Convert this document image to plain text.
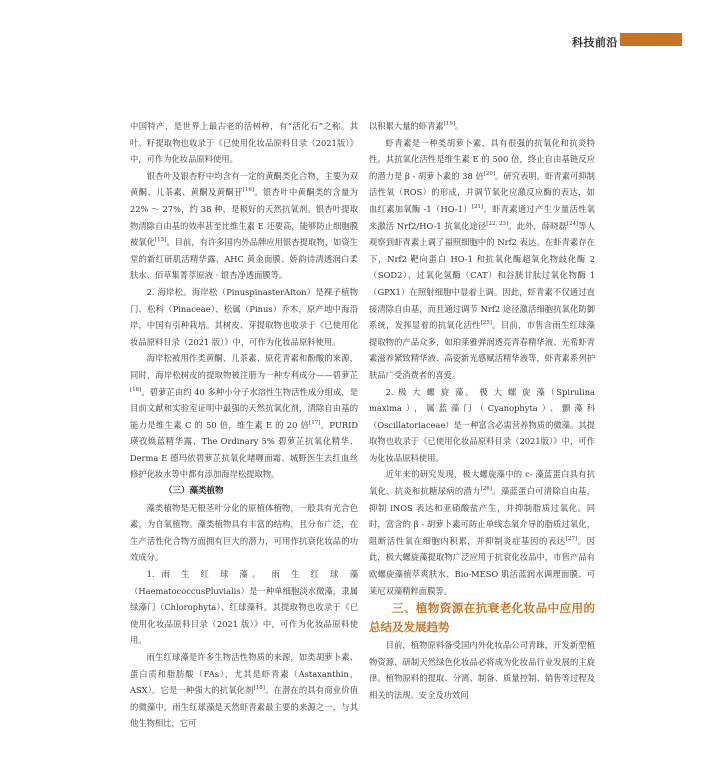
科技前沿

中国特产，是世界上最古老的活树种，有“活化石”之称。其叶、籽提取物也收录于《已使用化妆品原料目录（2021版）》中，可作为化妆品原料使用。

银杏叶及银杏籽中均含有一定的黄酮类化合物，主要为双黄酮、儿茶素、黄酮及黄酮苷[16]。银杏叶中黄酮类的含量为 22% ～ 27%，约 38 种，是极好的天然抗氧剂。银杏叶提取物清除自由基的效率甚至比维生素 E 还要高，能够防止细胞膜被氧化[15]。目前，有许多国内外品牌应用银杏提取物，如资生堂的新红研肌活精华露、AHC 黄金面膜、娇韵诗清透润白柔肤水、佰草集菁萃原液 · 银杏净透面膜等。

2. 海岸松。海岸松（PinuspinasterAiton）是裸子植物门、松科（Pinaceae）、松属（Pinus）乔木，原产地中海沿岸，中国有引种栽培。其树皮、芽提取物也收录于《已使用化妆品原料目录（2021 版）》中，可作为化妆品原料使用。

海岸松被用作类黄酮、儿茶素、原花青素和酚酸的来源，同时，海岸松树皮的提取物被注册为一种专利成分——碧萝芷[16]。碧萝芷由约 40 多种小分子水溶性生物活性成分组成，是目前文献和实验室证明中最强的天然抗氧化剂，清除自由基的能力是维生素 C 的 50 倍，维生素 E 的 20 倍[17]。PURID 瑛孜焕蓝精华露、The Ordinary 5% 碧萝芷抗氧化精华、Derma E 德玛依碧萝芷抗氧化啫喱面霜、城野医生去红血丝修护化妆水等中都有添加海岸松提取物。

（三）藻类植物

藻类植物是无根茎叶分化的原植体植物，一般具有光合色素，为自氧植物。藻类植物具有丰富的结构，且分布广泛，在生产活性化合物方面拥有巨大的潜力，可用作抗衰化妆品的功效成分。

1. 雨 生 红 球 藻。 雨 生 红 球 藻（HaematococcusPluvialis）是一种单细胞淡水微藻，隶属绿藻门（Chlorophyta）、红球藻科。其提取物也收录于《已使用化妆品原料目录（2021 版）》中，可作为化妆品原料使用。

雨生红球藻是许多生物活性物质的来源，如类胡萝卜素、蛋白质和脂肪酸（FAs），尤其是虾青素（Astaxanthin，ASX）。它是一种强大的抗氧化剂[18]。在潜在的具有商业价值的微藻中，雨生红球藻是天然虾青素最主要的来源之一，与其他生物相比，它可

以积累大量的虾青素[19]。

虾青素是一种类胡萝卜素，具有很强的抗氧化和抗炎特性。其抗氧化活性是维生素 E 的 500 倍，终止自由基链反应的潜力是 β - 胡萝卜素的 38 倍[20]。研究表明，虾青素可抑制活性氧（ROS）的形成，并调节氧化应激反应酶的表达，如血红素加氧酶 -1（HO-1）[21]。虾青素通过产生少量活性氧来激活 Nrf2/HO-1 抗氧化途径[22, 23]。此外，薛晓磊[24]等人观察到虾青素上调了福照细胞中的 Nrf2 表达。在虾青素存在下，Nrf2 靶向蛋白 HO-1 和抗氧化酶超氧化物歧化酶 2（SOD2）、过氧化氢酶（CAT）和谷胱甘肽过氧化物酶 1（GPX1）在照射细胞中显着上调。因此，虾青素不仅通过直接清除自由基，而且通过调节 Nrf2 途径激活细胞抗氧化防御系统，发挥显着的抗氧化活性[25]。目前，市售含雨生红球藻提取物的产品众多，如珀莱雅弹润透亮青春精华液、光希虾青素滋养紧致精华液、高姿新光感赋活精华液等，虾青素系列护肤品广受消费者的喜爱。

2. 极 大 螺 旋 藻。 极 大 螺 旋 藻（Spirulina maxima），属蓝藻门（Cyanophyta）、颤藻科（Oscillatoriaceae）是一种富含必需营养物质的微藻。其提取物也收录于《已使用化妆品原料目录（2021版）》中，可作为化妆品原料使用。

近年来的研究发现，极大螺旋藻中的 c- 藻蓝蛋白具有抗氧化、抗炎和抗糖尿病的潜力[26]。藻蓝蛋白可清除自由基，抑制 iNOS 表达和亚硝酸盐产生，并抑制脂质过氧化。同时，富含的 β - 胡萝卜素可防止单线态氧介导的脂质过氧化，阻断活性氧在细胞内积累，并抑制炎症基因的表达[27]。因此，极大螺旋藻提取物广泛应用于抗衰化妆品中，市售产品有欧螺旋藻植萃爽肤水、Bio-MESO 肌活蓝润水调理面膜、可莱尼双藻精粹面膜等。

三、植物资源在抗衰老化妆品中应用的总结及发展趋势

目前，植物原料备受国内外化妆品公司青睐，开发新型植物资源、研制天然绿色化妆品必将成为化妆品行业发展的主旋律。植物原料的提取、分离、制备、质量控制、销售等过程及相关的法规、安全及功效问
